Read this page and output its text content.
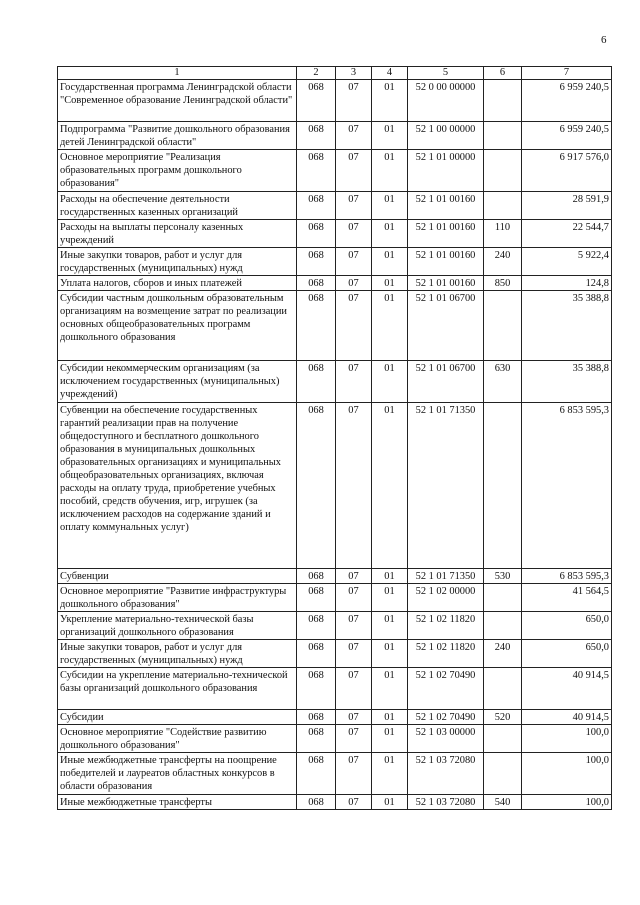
6
1	2	3	4	5	6	7
Государственная программа Ленинградской области "Современное образование Ленинградской области"	068	07	01	52 0 00 00000		6 959 240,5
Подпрограмма "Развитие дошкольного образования детей Ленинградской области"	068	07	01	52 1 00 00000		6 959 240,5
Основное мероприятие "Реализация образовательных программ дошкольного образования"	068	07	01	52 1 01 00000		6 917 576,0
Расходы на обеспечение деятельности государственных казенных организаций	068	07	01	52 1 01 00160		28 591,9
Расходы на выплаты персоналу казенных учреждений	068	07	01	52 1 01 00160	110	22 544,7
Иные закупки товаров, работ и услуг для государственных (муниципальных) нужд	068	07	01	52 1 01 00160	240	5 922,4
Уплата налогов, сборов и иных платежей	068	07	01	52 1 01 00160	850	124,8
Субсидии частным дошкольным образовательным организациям на возмещение затрат по реализации основных общеобразовательных программ дошкольного образования	068	07	01	52 1 01 06700		35 388,8
Субсидии некоммерческим организациям (за исключением государственных (муниципальных) учреждений)	068	07	01	52 1 01 06700	630	35 388,8
Субвенции на обеспечение государственных гарантий реализации прав на получение общедоступного и бесплатного дошкольного образования в муниципальных дошкольных образовательных организациях и муниципальных общеобразовательных организациях, включая расходы на оплату труда, приобретение учебных пособий, средств обучения, игр, игрушек (за исключением расходов на содержание зданий и оплату коммунальных услуг)	068	07	01	52 1 01 71350		6 853 595,3
Субвенции	068	07	01	52 1 01 71350	530	6 853 595,3
Основное мероприятие "Развитие инфраструктуры дошкольного образования"	068	07	01	52 1 02 00000		41 564,5
Укрепление материально-технической базы организаций дошкольного образования	068	07	01	52 1 02 11820		650,0
Иные закупки товаров, работ и услуг для государственных (муниципальных) нужд	068	07	01	52 1 02 11820	240	650,0
Субсидии на укрепление материально-технической базы организаций дошкольного образования	068	07	01	52 1 02 70490		40 914,5
Субсидии	068	07	01	52 1 02 70490	520	40 914,5
Основное мероприятие "Содействие развитию дошкольного образования"	068	07	01	52 1 03 00000		100,0
Иные межбюджетные трансферты на поощрение победителей и лауреатов областных конкурсов в области образования	068	07	01	52 1 03 72080		100,0
Иные межбюджетные трансферты	068	07	01	52 1 03 72080	540	100,0
